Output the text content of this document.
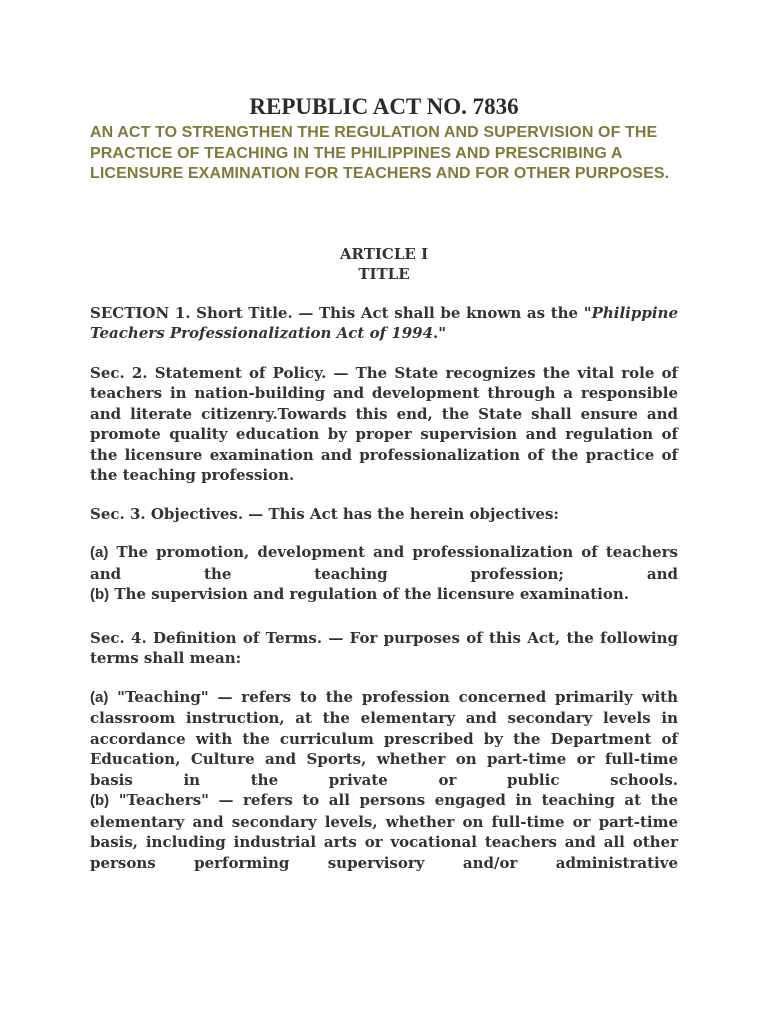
REPUBLIC ACT NO. 7836

AN ACT TO STRENGTHEN THE REGULATION AND SUPERVISION OF THE PRACTICE OF TEACHING IN THE PHILIPPINES AND PRESCRIBING A LICENSURE EXAMINATION FOR TEACHERS AND FOR OTHER PURPOSES.

ARTICLE I
TITLE

SECTION 1. Short Title. — This Act shall be known as the "Philippine Teachers Professionalization Act of 1994."

Sec. 2. Statement of Policy. — The State recognizes the vital role of teachers in nation-building and development through a responsible and literate citizenry.Towards this end, the State shall ensure and promote quality education by proper supervision and regulation of the licensure examination and professionalization of the practice of the teaching profession.

Sec. 3. Objectives. — This Act has the herein objectives:

(a) The promotion, development and professionalization of teachers and the teaching profession; and

(b) The supervision and regulation of the licensure examination.

Sec. 4. Definition of Terms. — For purposes of this Act, the following terms shall mean:

(a) "Teaching" — refers to the profession concerned primarily with classroom instruction, at the elementary and secondary levels in accordance with the curriculum prescribed by the Department of Education, Culture and Sports, whether on part-time or full-time basis in the private or public schools.

(b) "Teachers" — refers to all persons engaged in teaching at the elementary and secondary levels, whether on full-time or part-time basis, including industrial arts or vocational teachers and all other persons performing supervisory and/or administrative
